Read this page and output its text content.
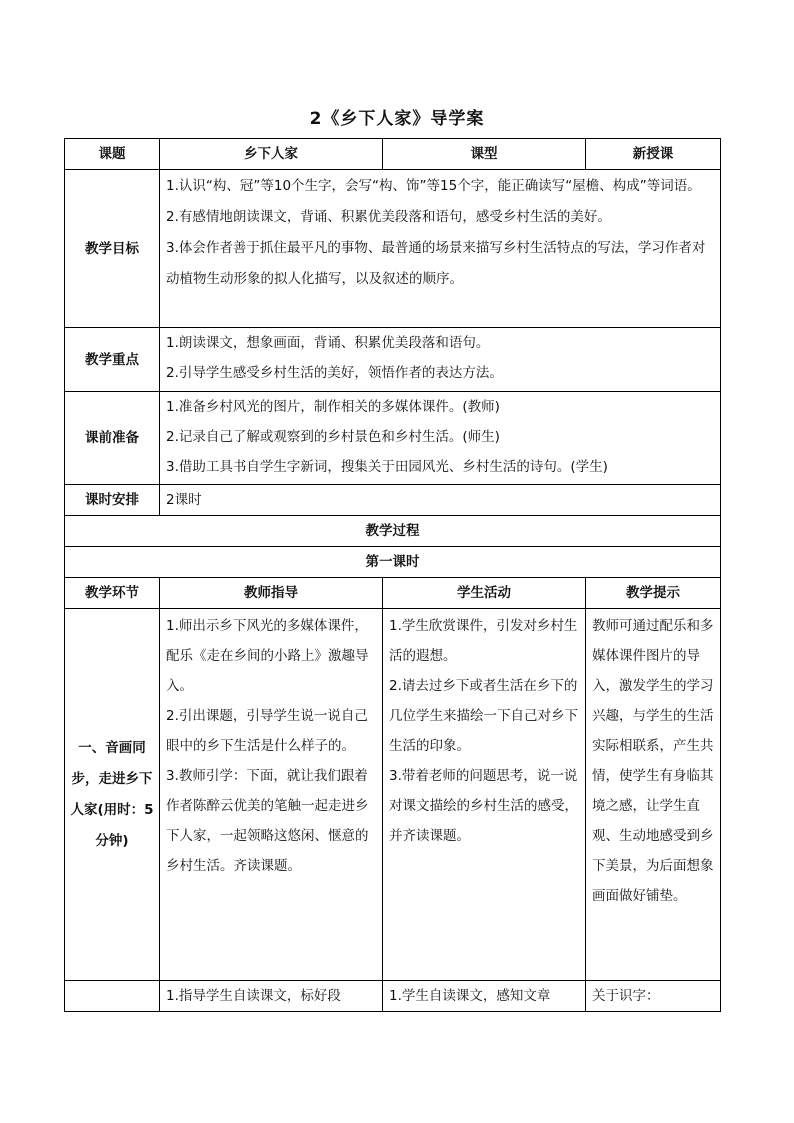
2《乡下人家》导学案
课题	乡下人家	课型	新授课
教学目标	1.认识“构、冠”等10个生字，会写“构、饰”等15个字，能正确读写“屋檐、构成”等词语。
2.有感情地朗读课文，背诵、积累优美段落和语句，感受乡村生活的美好。
3.体会作者善于抓住最平凡的事物、最普通的场景来描写乡村生活特点的写法，学习作者对动植物生动形象的拟人化描写，以及叙述的顺序。		

教学重点	1.朗读课文，想象画面，背诵、积累优美段落和语句。
2.引导学生感受乡村生活的美好，领悟作者的表达方法。		

课前准备	1.准备乡村风光的图片，制作相关的多媒体课件。(教师)
2.记录自己了解或观察到的乡村景色和乡村生活。(师生)
3.借助工具书自学生字新词，搜集关于田园风光、乡村生活的诗句。(学生)		

课时安排	2课时		
教学过程			
第一课时			
教学环节	教师指导	学生活动	教学提示
一、音画同步，走进乡下人家(用时：5分钟)	1.师出示乡下风光的多媒体课件，配乐《走在乡间的小路上》激趣导入。
2.引出课题，引导学生说一说自己眼中的乡下生活是什么样子的。
3.教师引学：下面，就让我们跟着作者陈醉云优美的笔触一起走进乡下人家，一起领略这悠闲、惬意的乡村生活。齐读课题。	1.学生欣赏课件，引发对乡村生活的遐想。
2.请去过乡下或者生活在乡下的几位学生来描绘一下自己对乡下生活的印象。
3.带着老师的问题思考，说一说对课文描绘的乡村生活的感受，并齐读课题。	教师可通过配乐和多媒体课件图片的导入，激发学生的学习兴趣，与学生的生活实际相联系，产生共情，使学生有身临其境之感，让学生直观、生动地感受到乡下美景，为后面想象画面做好铺垫。
	1.指导学生自读课文，标好段	1.学生自读课文，感知文章	关于识字：
